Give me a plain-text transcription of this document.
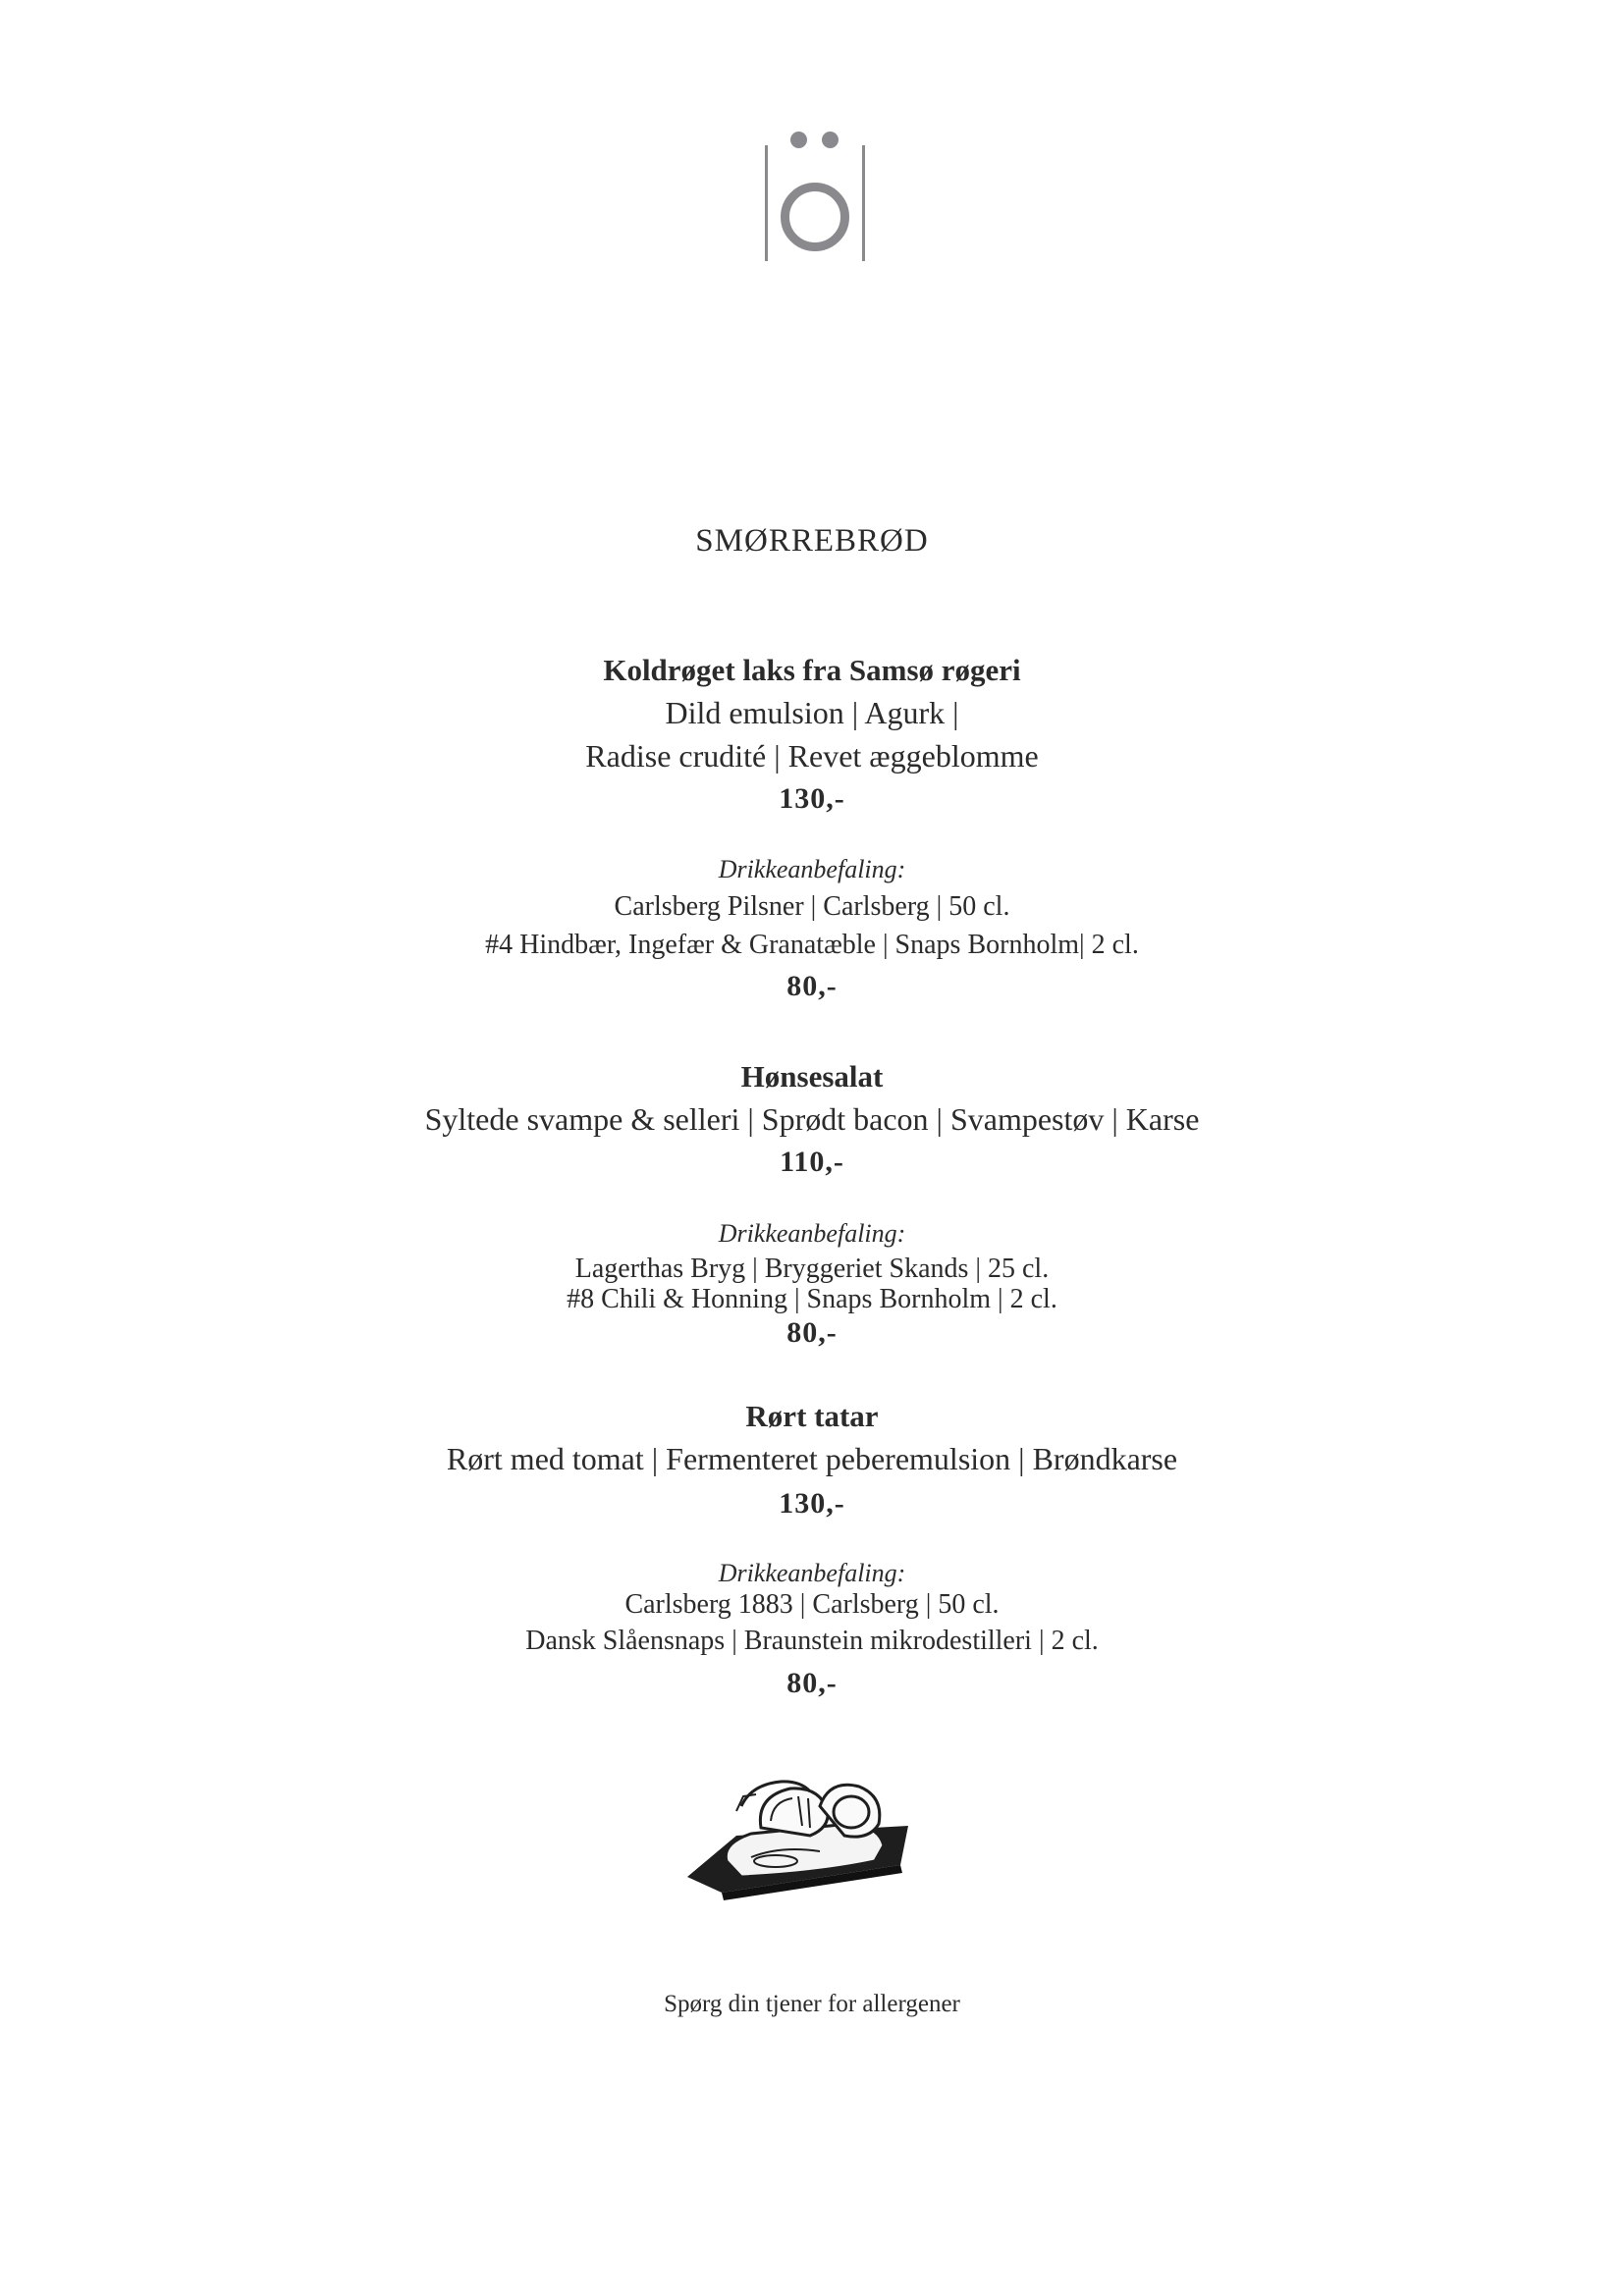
SMØRREBRØD
Koldrøget laks fra Samsø røgeri
Dild emulsion | Agurk |
Radise crudité | Revet æggeblomme
130,-
Drikkeanbefaling:
Carlsberg Pilsner | Carlsberg | 50 cl.
#4 Hindbær, Ingefær & Granatæble | Snaps Bornholm| 2 cl.
80,-
Hønsesalat
Syltede svampe & selleri | Sprødt bacon | Svampestøv | Karse
110,-
Drikkeanbefaling:
Lagerthas Bryg | Bryggeriet Skands | 25 cl.
#8 Chili & Honning | Snaps Bornholm | 2 cl.
80,-
Rørt tatar
Rørt med tomat | Fermenteret peberemulsion | Brøndkarse
130,-
Drikkeanbefaling:
Carlsberg 1883 | Carlsberg | 50 cl.
Dansk Slåensnaps | Braunstein mikrodestilleri | 2 cl.
80,-
Spørg din tjener for allergener
